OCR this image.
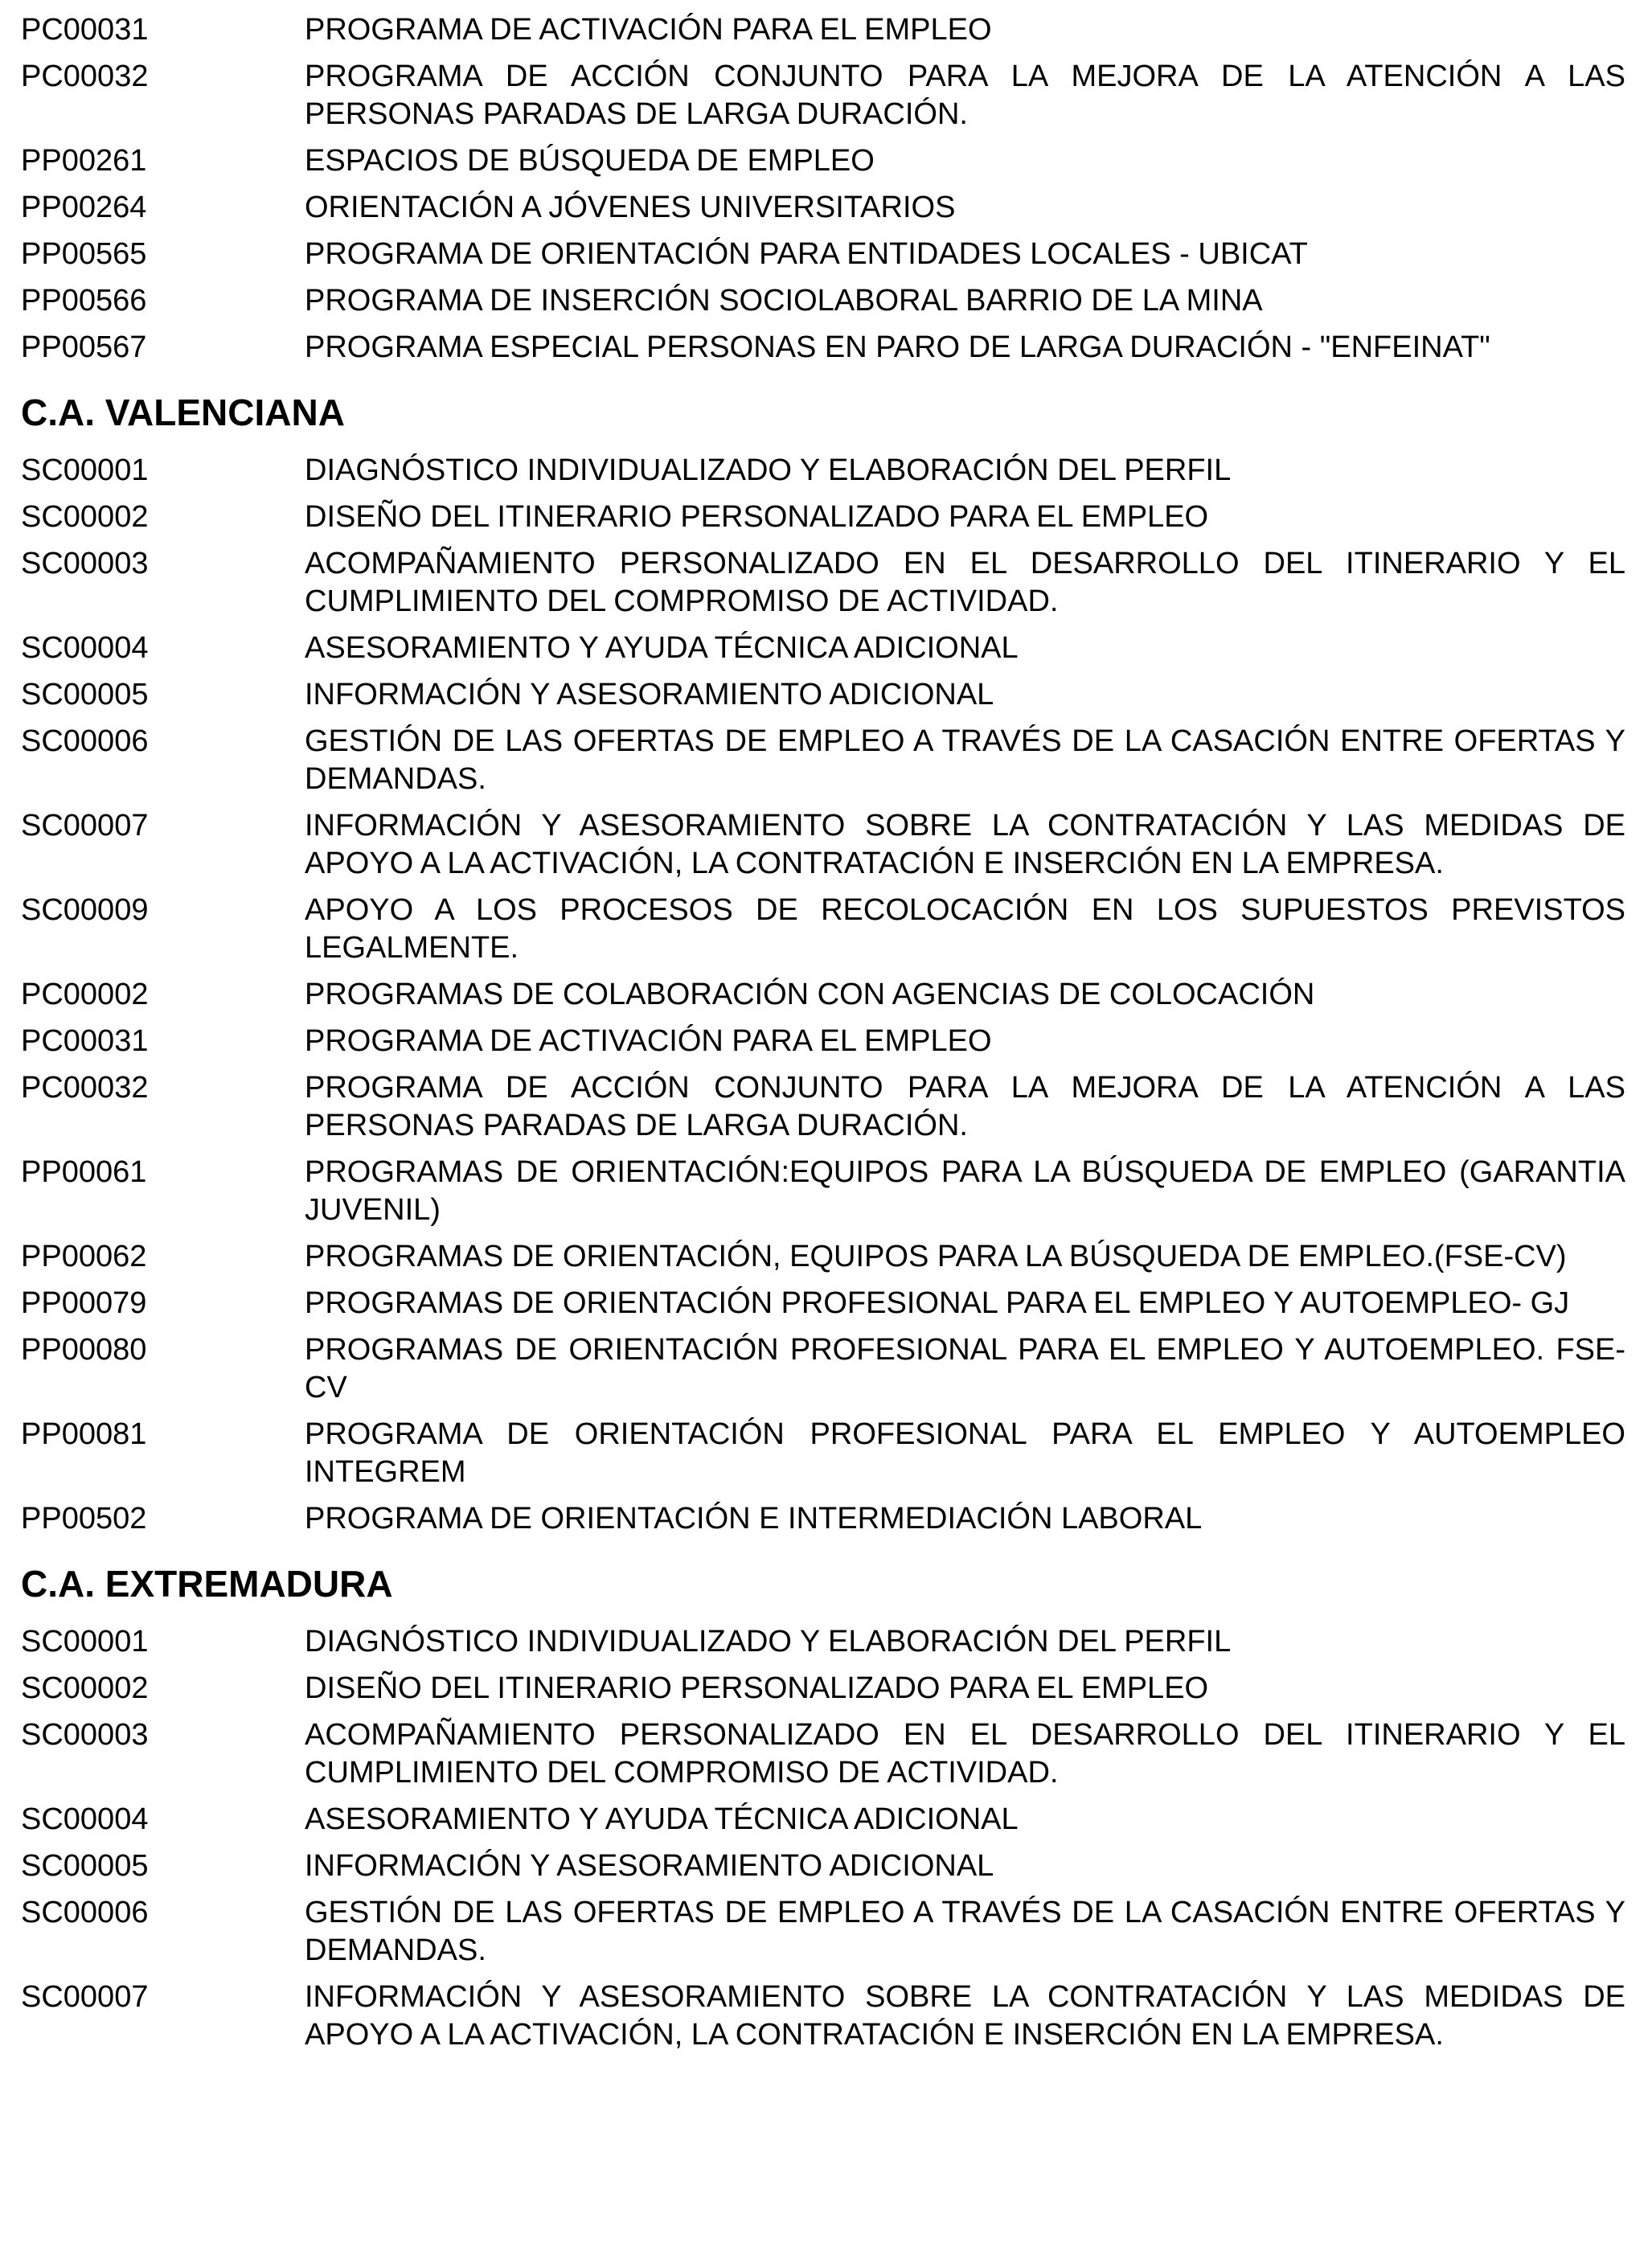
PC00031	PROGRAMA DE ACTIVACIÓN PARA EL EMPLEO
PC00032	PROGRAMA DE ACCIÓN CONJUNTO PARA LA MEJORA DE LA ATENCIÓN A LAS PERSONAS PARADAS DE LARGA DURACIÓN.
PP00261	ESPACIOS DE BÚSQUEDA DE EMPLEO
PP00264	ORIENTACIÓN A JÓVENES UNIVERSITARIOS
PP00565	PROGRAMA DE ORIENTACIÓN PARA ENTIDADES LOCALES - UBICAT
PP00566	PROGRAMA DE INSERCIÓN SOCIOLABORAL BARRIO DE LA MINA
PP00567	PROGRAMA ESPECIAL PERSONAS EN PARO DE LARGA DURACIÓN - "ENFEINAT"
C.A. VALENCIANA
SC00001	DIAGNÓSTICO INDIVIDUALIZADO Y ELABORACIÓN DEL PERFIL
SC00002	DISEÑO DEL ITINERARIO PERSONALIZADO PARA EL EMPLEO
SC00003	ACOMPAÑAMIENTO PERSONALIZADO EN EL DESARROLLO DEL ITINERARIO Y EL CUMPLIMIENTO DEL COMPROMISO DE ACTIVIDAD.
SC00004	ASESORAMIENTO Y AYUDA TÉCNICA ADICIONAL
SC00005	INFORMACIÓN Y ASESORAMIENTO ADICIONAL
SC00006	GESTIÓN DE LAS OFERTAS DE EMPLEO A TRAVÉS DE LA CASACIÓN ENTRE OFERTAS Y DEMANDAS.
SC00007	INFORMACIÓN Y ASESORAMIENTO SOBRE LA CONTRATACIÓN Y LAS MEDIDAS DE APOYO A LA ACTIVACIÓN, LA CONTRATACIÓN E INSERCIÓN EN LA EMPRESA.
SC00009	APOYO A LOS PROCESOS DE RECOLOCACIÓN EN LOS SUPUESTOS PREVISTOS LEGALMENTE.
PC00002	PROGRAMAS DE COLABORACIÓN CON AGENCIAS DE COLOCACIÓN
PC00031	PROGRAMA DE ACTIVACIÓN PARA EL EMPLEO
PC00032	PROGRAMA DE ACCIÓN CONJUNTO PARA LA MEJORA DE LA ATENCIÓN A LAS PERSONAS PARADAS DE LARGA DURACIÓN.
PP00061	PROGRAMAS DE ORIENTACIÓN:EQUIPOS PARA LA BÚSQUEDA DE EMPLEO (GARANTIA JUVENIL)
PP00062	PROGRAMAS DE ORIENTACIÓN, EQUIPOS PARA LA BÚSQUEDA DE EMPLEO.(FSE-CV)
PP00079	PROGRAMAS DE ORIENTACIÓN PROFESIONAL PARA EL EMPLEO Y AUTOEMPLEO- GJ
PP00080	PROGRAMAS DE ORIENTACIÓN PROFESIONAL PARA EL EMPLEO Y AUTOEMPLEO. FSE-CV
PP00081	PROGRAMA DE ORIENTACIÓN PROFESIONAL PARA EL EMPLEO Y AUTOEMPLEO INTEGREM
PP00502	PROGRAMA DE ORIENTACIÓN E INTERMEDIACIÓN LABORAL
C.A. EXTREMADURA
SC00001	DIAGNÓSTICO INDIVIDUALIZADO Y ELABORACIÓN DEL PERFIL
SC00002	DISEÑO DEL ITINERARIO PERSONALIZADO PARA EL EMPLEO
SC00003	ACOMPAÑAMIENTO PERSONALIZADO EN EL DESARROLLO DEL ITINERARIO Y EL CUMPLIMIENTO DEL COMPROMISO DE ACTIVIDAD.
SC00004	ASESORAMIENTO Y AYUDA TÉCNICA ADICIONAL
SC00005	INFORMACIÓN Y ASESORAMIENTO ADICIONAL
SC00006	GESTIÓN DE LAS OFERTAS DE EMPLEO A TRAVÉS DE LA CASACIÓN ENTRE OFERTAS Y DEMANDAS.
SC00007	INFORMACIÓN Y ASESORAMIENTO SOBRE LA CONTRATACIÓN Y LAS MEDIDAS DE APOYO A LA ACTIVACIÓN, LA CONTRATACIÓN E INSERCIÓN EN LA EMPRESA.
